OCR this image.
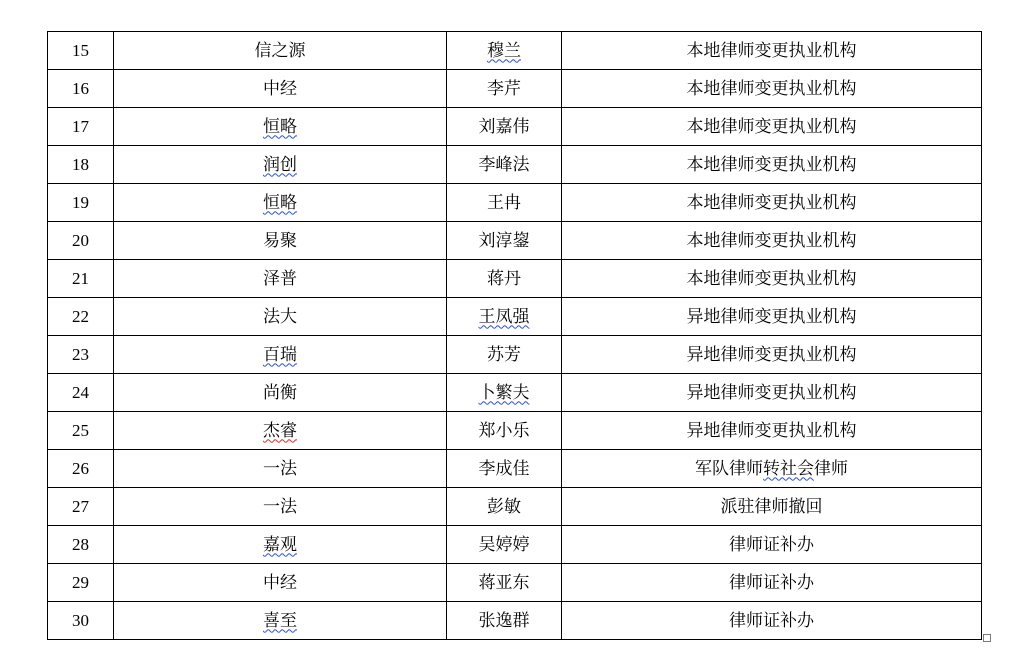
15	信之源	穆兰	本地律师变更执业机构
16	中经	李芹	本地律师变更执业机构
17	恒略	刘嘉伟	本地律师变更执业机构
18	润创	李峰法	本地律师变更执业机构
19	恒略	王冉	本地律师变更执业机构
20	易聚	刘淳鋆	本地律师变更执业机构
21	泽普	蒋丹	本地律师变更执业机构
22	法大	王凤强	异地律师变更执业机构
23	百瑞	苏芳	异地律师变更执业机构
24	尚衡	卜繁夫	异地律师变更执业机构
25	杰睿	郑小乐	异地律师变更执业机构
26	一法	李成佳	军队律师转社会律师
27	一法	彭敏	派驻律师撤回
28	嘉观	吴婷婷	律师证补办
29	中经	蒋亚东	律师证补办
30	喜至	张逸群	律师证补办
